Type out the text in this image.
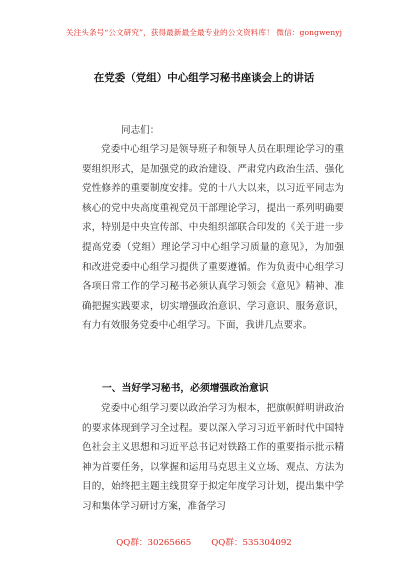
关注头条号“公文研究”，获得最新最全最专业的公文资料库！ 微信：gongwenyj
在党委（党组）中心组学习秘书座谈会上的讲话
同志们：

党委中心组学习是领导班子和领导人员在职理论学习的重要组织形式，是加强党的政治建设、严肃党内政治生活、强化党性修养的重要制度安排。党的十八大以来，以习近平同志为核心的党中央高度重视党员干部理论学习，提出一系列明确要求，特别是中央宣传部、中央组织部联合印发的《关于进一步提高党委（党组）理论学习中心组学习质量的意见》，为加强和改进党委中心组学习提供了重要遵循。作为负责中心组学习各项日常工作的学习秘书必须认真学习领会《意见》精神、准确把握实践要求，切实增强政治意识、学习意识、服务意识，有力有效服务党委中心组学习。下面，我讲几点要求。

一、当好学习秘书，必须增强政治意识

党委中心组学习要以政治学习为根本，把旗帜鲜明讲政治的要求体现到学习全过程。要以深入学习习近平新时代中国特色社会主义思想和习近平总书记对铁路工作的重要指示批示精神为首要任务，以掌握和运用马克思主义立场、观点、方法为目的，始终把主题主线贯穿于拟定年度学习计划，提出集中学习和集体学习研讨方案，准备学习

QQ群：30265665 QQ群：535304092
